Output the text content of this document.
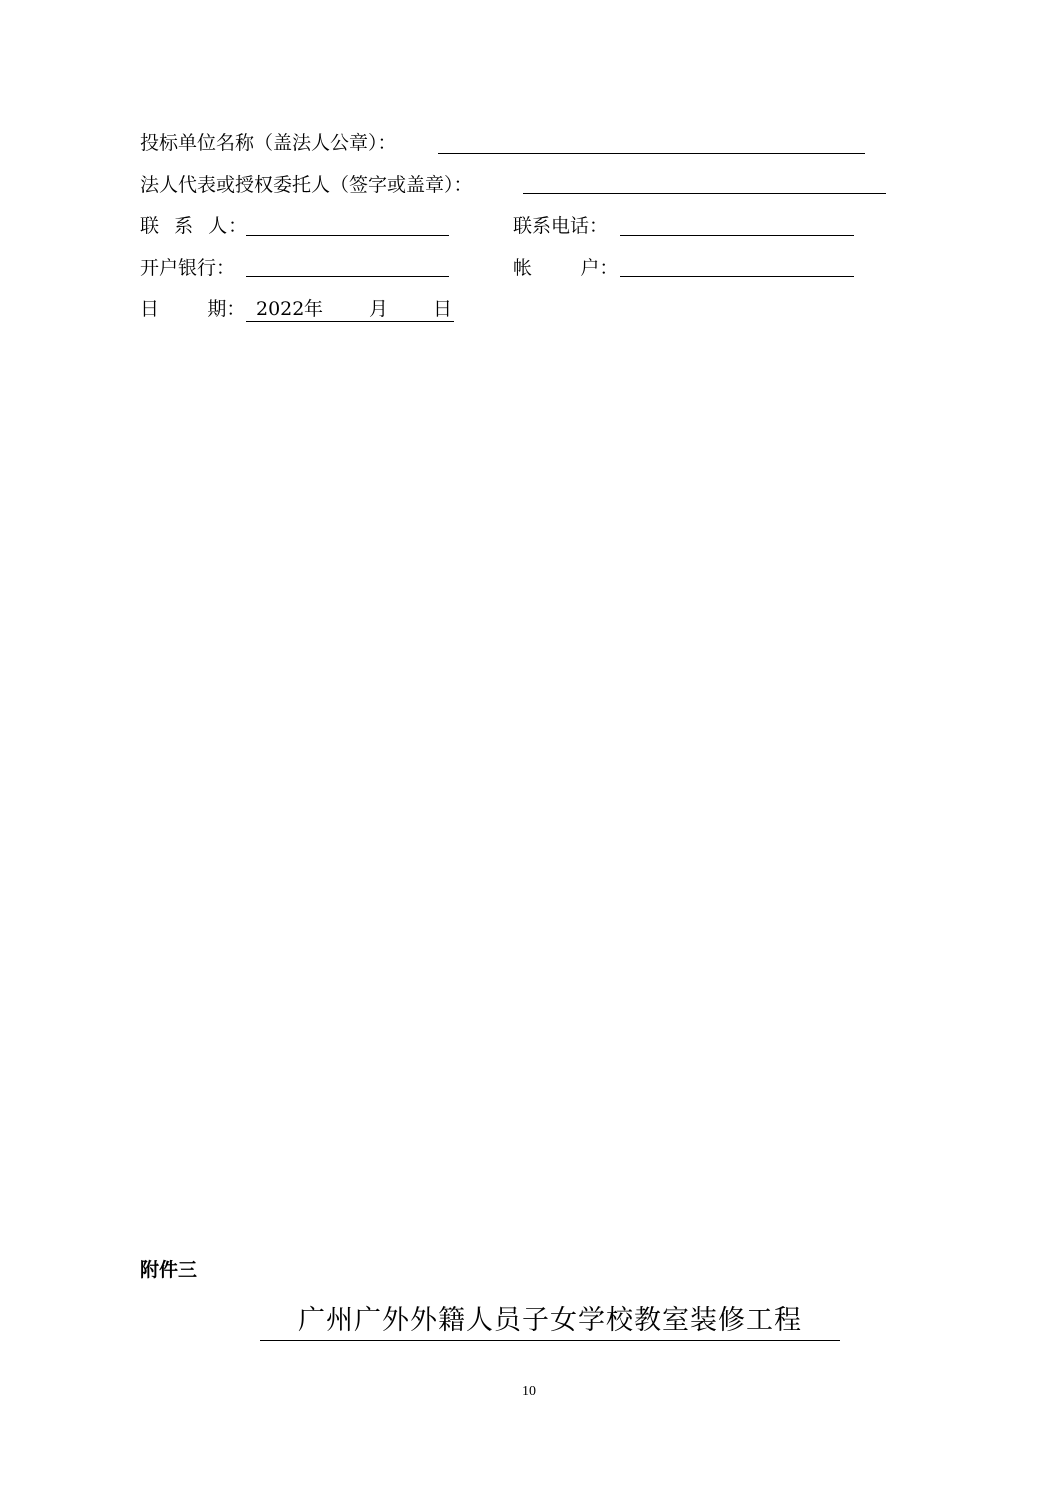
投标单位名称（盖法人公章）：
法人代表或授权委托人（签字或盖章）：
联  系  人：	联系电话：
开户银行：	帐        户：
日        期： 2022 年 月 日
附件三
广州广外外籍人员子女学校教室装修工程
10
